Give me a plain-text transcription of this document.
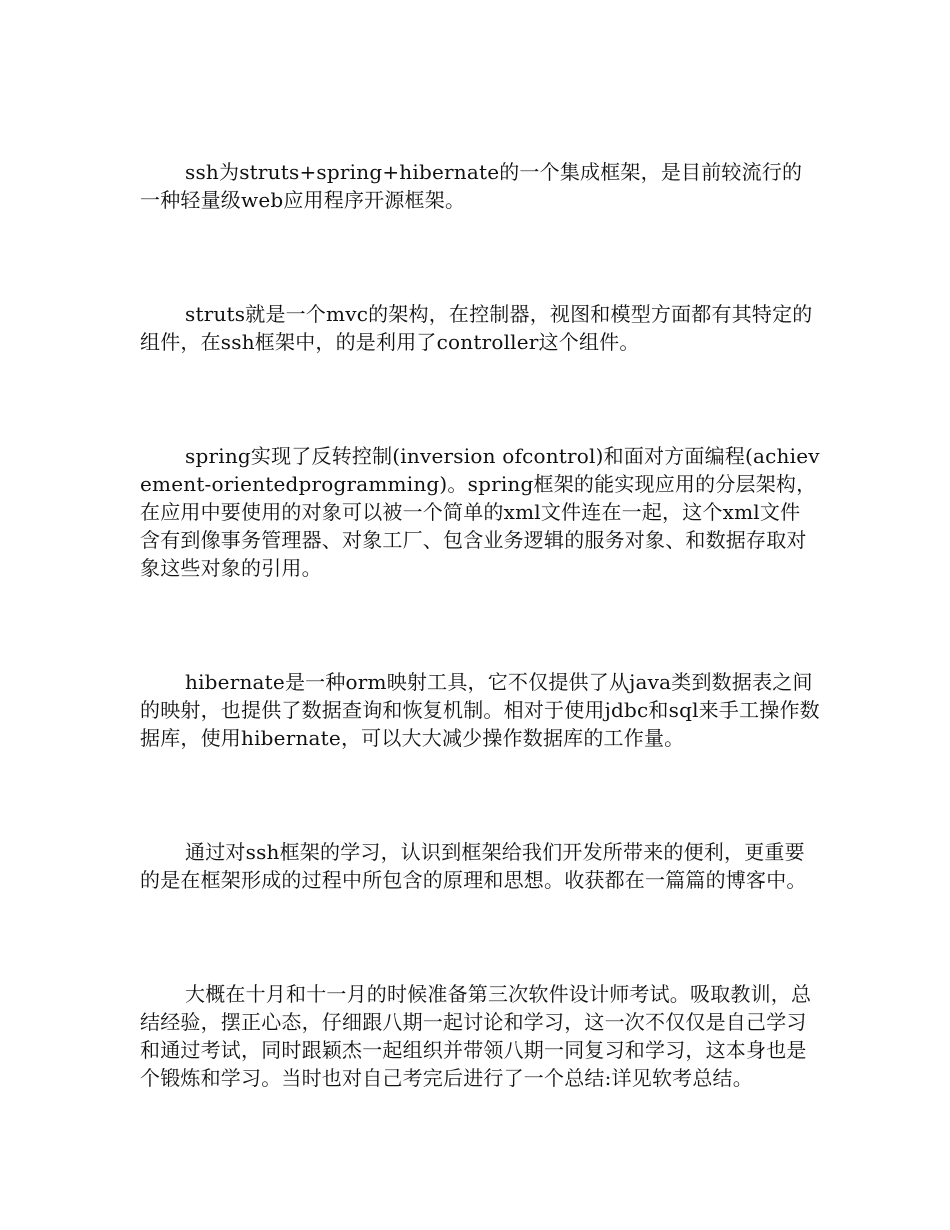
ssh为struts+spring+hibernate的一个集成框架，是目前较流行的一种轻量级web应用程序开源框架。

struts就是一个mvc的架构，在控制器，视图和模型方面都有其特定的组件，在ssh框架中，的是利用了controller这个组件。

spring实现了反转控制(inversion ofcontrol)和面对方面编程(achievement-orientedprogramming)。spring框架的能实现应用的分层架构，在应用中要使用的对象可以被一个简单的xml文件连在一起，这个xml文件含有到像事务管理器、对象工厂、包含业务逻辑的服务对象、和数据存取对象这些对象的引用。

hibernate是一种orm映射工具，它不仅提供了从java类到数据表之间的映射，也提供了数据查询和恢复机制。相对于使用jdbc和sql来手工操作数据库，使用hibernate，可以大大减少操作数据库的工作量。

通过对ssh框架的学习，认识到框架给我们开发所带来的便利，更重要的是在框架形成的过程中所包含的原理和思想。收获都在一篇篇的博客中。

大概在十月和十一月的时候准备第三次软件设计师考试。吸取教训，总结经验，摆正心态，仔细跟八期一起讨论和学习，这一次不仅仅是自己学习和通过考试，同时跟颖杰一起组织并带领八期一同复习和学习，这本身也是个锻炼和学习。当时也对自己考完后进行了一个总结:详见软考总结。
